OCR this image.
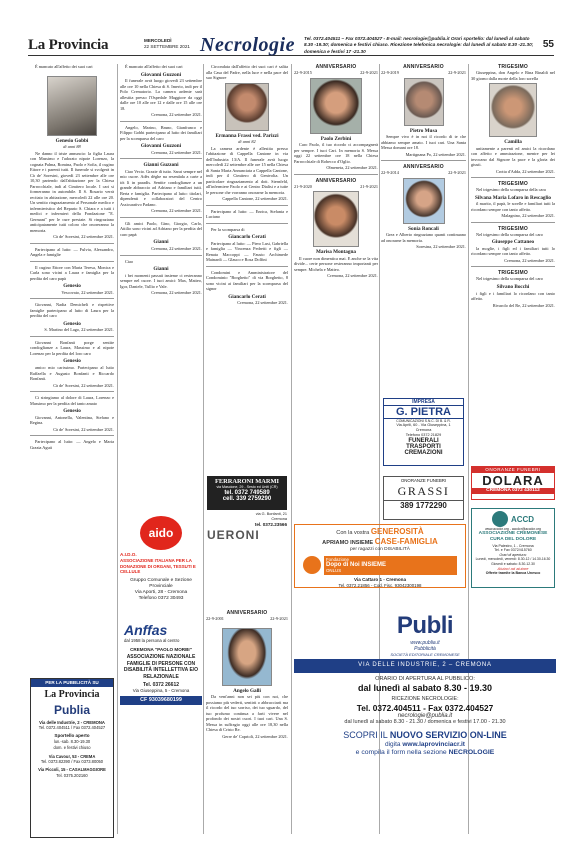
La Provincia	MERCOLEDÌ
22 SETTEMBRE 2021 Necrologie Tel. 0372.404511 – Fax 0372.404527 - E-mail: necrologie@publia.it Orari sportello: dal lunedì al sabato 8.30 -19.30; domenica e festivi chiuso. Ricezione telefonica necrologie: dal lunedì al sabato 8.30 -21.30; domenica e festivi 17 -21.30
55

È mancato all'affetto dei suoi cari

Genesio Gobbi

di anni 88

Ne danno il triste annuncio: la figlia Laura con Massimo e l'adorato nipote Lorenzo, la cognata Palma, Romina, Paolo e Sofia, il cugino Ettore e i parenti tutti. Il funerale si svolgerà in Cà de' Soresini, giovedì 23 settembre alle ore 10,30 partendo dall'abitazione per la Chiesa Parrocchiale, indi al Cimitero locale. I cari si formeranno in autombile. Il S. Rosario verrà recitato in abitazione, mercoledì 22 alle ore 20. Un sentito ringraziamento al Personale medico e infermieristico del Reparto S. Chiara e a tutti i medici e infermieri della Fondazione "E. Germani" per le cure prestate. Si ringraziano anticipatamente tutti coloro che onoreranno la memoria.

Cà de' Soresini, 22 settembre 2021.

Partecipano al lutto: — Fulvia, Alessandro, Angela e famiglie

Il cugino Ettore con Maria Teresa, Monica e Carla sono vicini a Laura e famiglia per la perdita del caro papà

Genesio

Vescovato, 22 settembre 2021.

Giovanni, Nadia Demicheli e rispettive famiglie partecipano al lutto di Laura per la perdita del caro

Genesio

S. Martino del Lago, 22 settembre 2021.

Giovanni Bonfanti porge sentite condoglianze a Laura, Massimo e al nipote Lorenzo per la perdita del loro caro

Genesio

amico mio carissimo. Partecipano al lutto Raffaella e Augusto Bonfanti e Riccardo Bonfanti.

Cà de' Soresini, 22 settembre 2021.

Ci stringiamo al dolore di Laura, Lorenzo e Massimo per la perdita del tanto amato

Genesio

Giovanni, Antonella, Valentina, Stefano e Regina.

Cà de' Soresini, 22 settembre 2021.

Partecipano al lutto: — Angelo e Maria Grazia Aguti

PER LA PUBBLICITÀ SU
La Provincia
Publia
Via delle Industrie, 2 - CREMONA
Tel. 0372.404511 / Fax 0372.404527
Sportello aperto
lun.-sab. 8.30-19.30
dom. e festivi chiuso
Via Cavour, 53 - CREMA
Tel. 0373.82390 / Fax 0373.80050
Via Piccoli, 15 - CASALMAGGIORE
Tel. 0375.202160

È mancato all'affetto dei suoi cari

Giovanni Guzzoni

Il funerale avrà luogo giovedì 23 settembre alle ore 10 nella Chiesa di S. Imerio, indi per il Polo Crematorio. La camera ardente sarà allestita presso l'Ospedale Maggiore da oggi dalle ore 10 alle ore 12 e dalle ore 15 alle ore 18.

Cremona, 22 settembre 2021.

Angelo, Marino, Bruno, Gianfranco e Filippo Gobbi partecipano al lutto dei familiari per la scomparsa del caro

Giovanni Guzzoni

Cremona, 22 settembre 2021.

Gianni Guzzoni

Ciao Vecio. Grazie di tutto. Sarai sempre nel mio cuore. Adès dèghe na resentàda a carte a tòt lì in paradìs. Sentite condoglianze a un grande abbraccio ad Adriano e familiari tutti. Berta e famiglia. Partecipano al lutto: titolari, dipendenti e collaboratori del Centro Assicurativo Padano.

Cremona, 22 settembre 2021.

Gli amici Paolo, Gino, Giorgio, Carlo, Attilio sono vicini ad Adriano per la perdita del caro papà

Gianni

Cremona, 22 settembre 2021.

Ciao

Gianni

i bei momenti passati insieme ci resteranno sempre nel cuore. I tuoi amici: Max, Matteo, Igor, Daniele, Tullio e Vale.

Cremona, 22 settembre 2021.

aido
A.I.D.O.
ASSOCIAZIONE ITALIANA PER LA DONAZIONE DI ORGANI, TESSUTI E CELLULE
Gruppo Comunale e Sezione Provinciale
Via Aporti, 28 - Cremona
Telefono 0372 30493
Anffas
dal 1958 la persona al centro
CREMONA "PAOLO MORBI"
ASSOCIAZIONE NAZIONALE FAMIGLIE DI PERSONE CON DISABILITÀ INTELLETTIVA E/O RELAZIONALE
Tel. 0372 26612
Via Giuseppina, 5 - Cremona
CF 93039680199

Circondata dall'affetto dei suoi cari è salita alla Casa del Padre, nella luce e nella pace del suo Signore

Ermanna Frassi ved. Parizzi

di anni 82

La camera ardente è allestita presso l'abitazione di Cappella Cantone in via dell'Industria 13/A. Il funerale avrà luogo mercoledì 22 settembre alle ore 15 nella Chiesa di Santa Maria Annunciata a Cappella Cantone, indi per il Cimitero di Genivolta. Un particolare ringraziamento al dott. Sternfeld, all'infermiere Paolo e ai Centro Dialisi e a tutte le persone che vorranno onorarne la memoria.

Cappella Cantone, 22 settembre 2021.

Partecipano al lutto: — Enrica, Stefania e Luciano

Per la scomparsa di

Giancarlo Cerati

Partecipano al lutto: — Piero Lusi, Gabriella e famiglia — Vincenza Pedretti e figli — Renata Maccoppi — Fausto Archimede Mainardi — Glauco e Rosa Dolfini

Condomini e Amministratore del Condominio "Borghetto" di via Borghetto, 8 sono vicini ai familiari per la scomparsa del signor

Giancarlo Cerati

Cremona, 22 settembre 2021.

FERRARONI MARMI
via Mascione, 29 - Sesto ed Uniti (CR)
tel. 0372 749589
cell. 339 2759290
via G. Bonfanti, 21
Cremona
tel. 0372.23566
UERONI
ANNIVERSARIO
22-9-2001	22-9-2021

Angelo Galli

Da vent'anni non sei più con noi, che possiamo più vederti, sentirti o abbracciarti ma il ricordo del tuo sorriso, dei tuo sguardo, del tuo profumo continua a farti vivere nel profondo dei nostri cuori. I tuoi cari. Una S. Messa in suffragio oggi alle ore 18,30 nella Chiesa di Cristo Re.

Gerre de' Caprioli, 22 settembre 2021.

ANNIVERSARIO
22-9-2015	22-9-2021

Paolo Zerbini

Caro Paolo, il tuo ricordo ci accompagnerà per sempre. I tuoi Cari. In memoria S. Messa oggi 22 settembre ore 18 nella Chiesa Parrocchiale di Robecco d'Oglio.

Olmeneta, 22 settembre 2021.

ANNIVERSARIO
21-9-2020	21-9-2021

Marisa Montagna

Il cuore non dimentica mai. E anche se la vita divide... certe persone resteranno importanti per sempre. Michela e Matteo.

Cremona, 22 settembre 2021.

ANNIVERSARIO
22-9-2019	22-9-2021

Pietro Musa

Sempre vivo è in noi il ricordo di te che abbiamo sempre amato. I tuoi cari. Una Santa Messa domani ore 18.

Martignana Po, 22 settembre 2021.

ANNIVERSARIO
22-9-2014	22-9-2021

Sonia Roncali

Grea e Alberto ringraziano quanti continuano ad onorarne la memoria.

Soresina, 22 settembre 2021.

IMPRESA
G. PIETRA
COMUNICAZIONI S.N.C. DI B. & R.
Via Aprili, 60 - Via Giuseppina, 1
Cremona
Telefono 0372 21829
FUNERALI
TRASPORTI
CREMAZIONI
ONORANZE FUNEBRI
GRASSI
389 1772290
Con la vostra GENEROSITÀ
APRIAMO INSIEME CASE-FAMIGLIA
per ragazzi con DISABILITÀ
Fondazione
Dopo di Noi INSIEME
ONLUS
Via Cattaro 1 - Cremona
Tel. 0372.21856 - Cod. Fisc. 93042300198
TRIGESIMO

Giuseppina, don Angelo e Rina Rinaldi nel 30 giorno dalla morte della loro sorella

Camilla

unitamente a parenti ed amici la ricordano con affetto e ammirazione, mentre per lei invocano dal Signore la pace e la gloria dei giusti.

Crotta d'Adda, 22 settembre 2021.

TRIGESIMO

Nel trigesimo della scomparsa della cara

Silvana Maria Lofaro in Rescaglio

il marito, il papà, le sorelle e familiari tutti la ricordano sempre con tanto affetto.

Malagnino, 22 settembre 2021.

TRIGESIMO

Nel trigesimo della scomparsa del caro

Giuseppe Cattaneo

la moglie, i figli ed i familiari tutti lo ricordano sempre con tanto affetto.

Cremona, 22 settembre 2021.

TRIGESIMO

Nel trigesimo della scomparsa del caro

Silvano Bocchi

i figli e i familiari lo ricordano con tanto affetto.

Rivarolo del Re, 22 settembre 2021.

ONORANZE FUNEBRI
DOLARA
CREMONA 0372 430112
ACCD
www.accdcr.org - accdcr@accdcr.org
ASSOCIAZIONE CREMONESE CURA DEL DOLORE
Via Palestro, 1 - Cremona
Tel. e Fax 0372/415760
Orari di apertura:
Lunedì, mercoledì, venerdì: 8.30-12 / 14.30-16.30
Giovedì e sabato: 8.30-12.30
Aiutaci ad aiutare
Offerte tramite la Banca Unesco
Publi
www.publia.it
Pubblicità
SOCIETÀ EDITORIALE CREMONESE
VIA DELLE INDUSTRIE, 2 – CREMONA
ORARIO DI APERTURA AL PUBBLICO:
dal lunedì al sabato 8.30 - 19.30
RICEZIONE NECROLOGIE:
Tel. 0372.404511 - Fax 0372.404527
necrologie@publia.it
dal lunedì al sabato 8.30 - 21.30 / domenica e festivi 17.00 - 21.30
SCOPRI IL NUOVO SERVIZIO ON-LINE
digita www.laprovinciacr.it
e compila il form nella sezione NECROLOGIE
